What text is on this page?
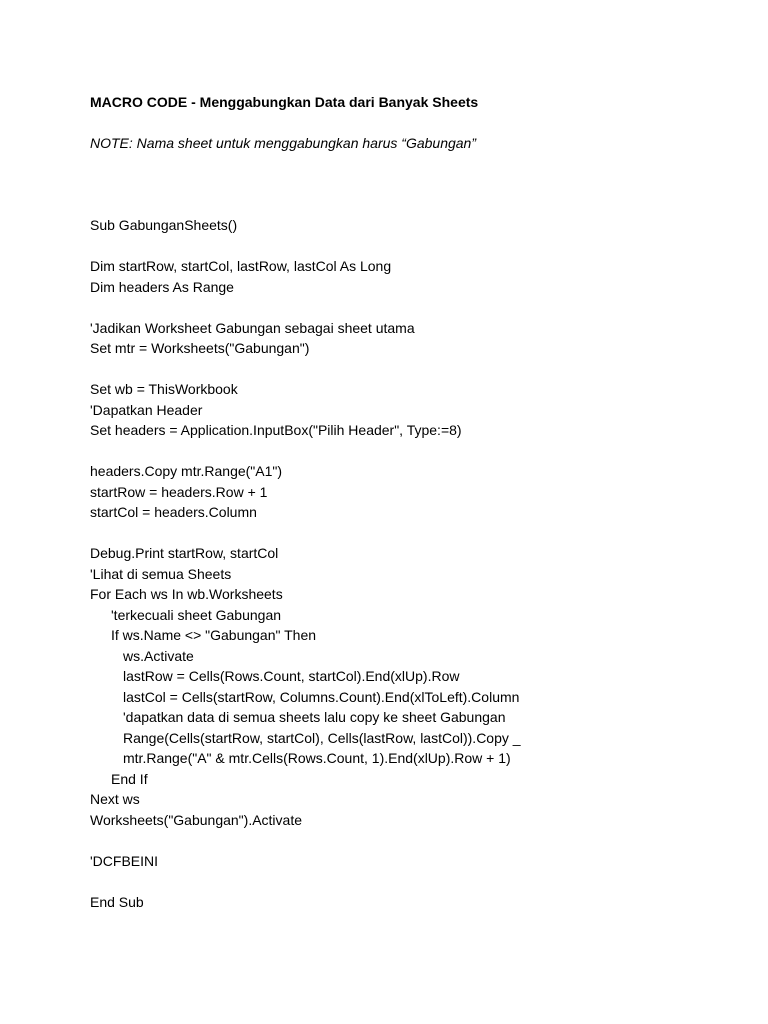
MACRO CODE - Menggabungkan Data dari Banyak Sheets
NOTE: Nama sheet untuk menggabungkan harus “Gabungan”
Sub GabunganSheets()
Dim startRow, startCol, lastRow, lastCol As Long
Dim headers As Range
'Jadikan Worksheet Gabungan sebagai sheet utama
Set mtr = Worksheets("Gabungan")
Set wb = ThisWorkbook
'Dapatkan Header
Set headers = Application.InputBox("Pilih Header", Type:=8)
headers.Copy mtr.Range("A1")
startRow = headers.Row + 1
startCol = headers.Column
Debug.Print startRow, startCol
'Lihat di semua Sheets
For Each ws In wb.Worksheets
'terkecuali sheet Gabungan
If ws.Name <> "Gabungan" Then
ws.Activate
lastRow = Cells(Rows.Count, startCol).End(xlUp).Row
lastCol = Cells(startRow, Columns.Count).End(xlToLeft).Column
'dapatkan data di semua sheets lalu copy ke sheet Gabungan
Range(Cells(startRow, startCol), Cells(lastRow, lastCol)).Copy _
mtr.Range("A" & mtr.Cells(Rows.Count, 1).End(xlUp).Row + 1)
End If
Next ws
Worksheets("Gabungan").Activate
'DCFBEINI
End Sub
